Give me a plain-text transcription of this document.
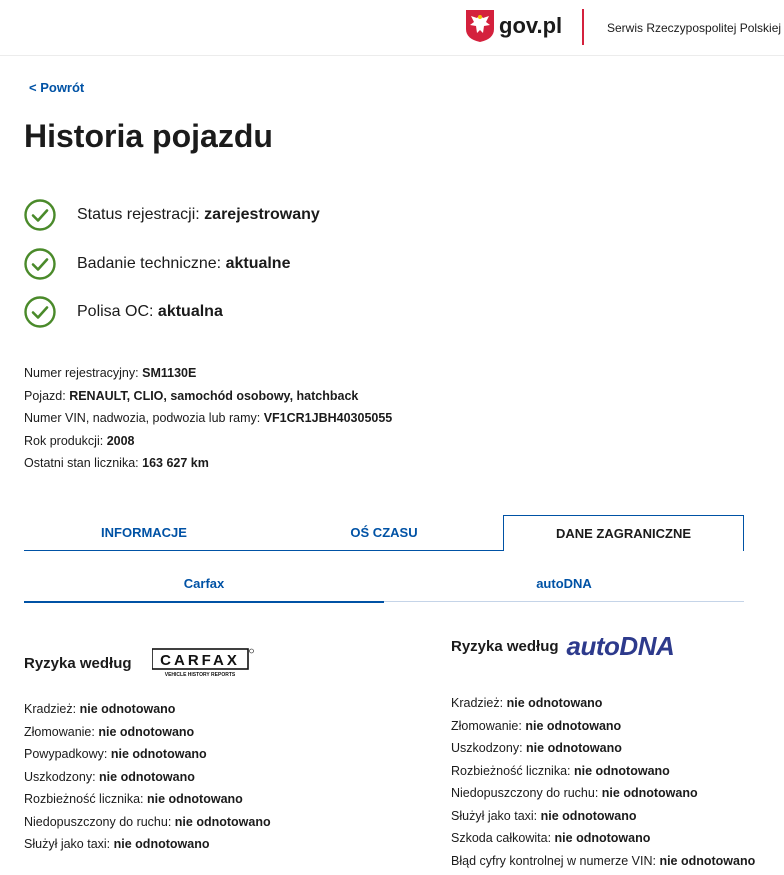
gov.pl	Serwis Rzeczypospolitej Polskiej
< Powrót
Historia pojazdu
Status rejestracji: zarejestrowany
Badanie techniczne: aktualne
Polisa OC: aktualna
Numer rejestracyjny: SM1130E
Pojazd: RENAULT, CLIO, samochód osobowy, hatchback
Numer VIN, nadwozia, podwozia lub ramy: VF1CR1JBH40305055
Rok produkcji: 2008
Ostatni stan licznika: 163 627 km
INFORMACJE	OŚ CZASU	DANE ZAGRANICZNE
Carfax	autoDNA
Ryzyka według CARFAX
VEHICLE HISTORY REPORTS
Kradzież: nie odnotowano
Złomowanie: nie odnotowano
Powypadkowy: nie odnotowano
Uszkodzony: nie odnotowano
Rozbieżność licznika: nie odnotowano
Niedopuszczony do ruchu: nie odnotowano
Służył jako taxi: nie odnotowano
Ryzyka według autoDNA
Kradzież: nie odnotowano
Złomowanie: nie odnotowano
Uszkodzony: nie odnotowano
Rozbieżność licznika: nie odnotowano
Niedopuszczony do ruchu: nie odnotowano
Służył jako taxi: nie odnotowano
Szkoda całkowita: nie odnotowano
Błąd cyfry kontrolnej w numerze VIN: nie odnotowano
